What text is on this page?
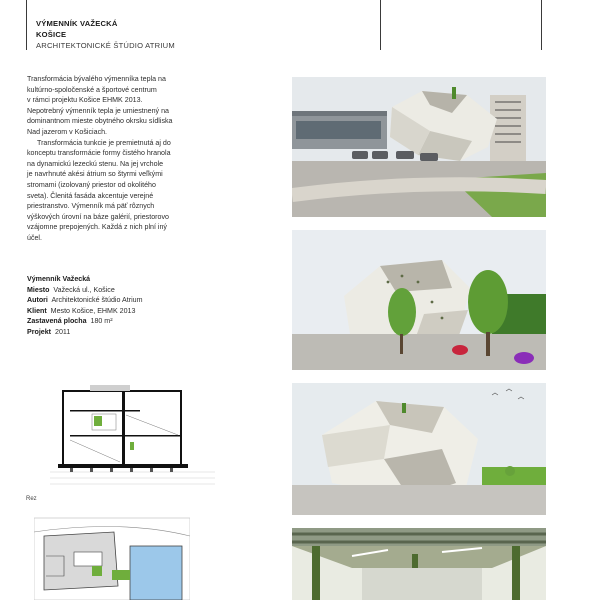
VÝMENNÍK VAŽECKÁ
KOŠICE
ARCHITEKTONICKÉ ŠTÚDIO ATRIUM

Transformácia bývalého výmenníka tepla na
kultúrno-spoločenské a športové centrum
v rámci projektu Košice EHMK 2013.
Nepotrebný výmenník tepla je umiestnený na
dominantnom mieste obytného okrsku sídliska
Nad jazerom v Košiciach.

Transformácia tunkcie je premietnutá aj do
konceptu transformácie formy čistého hranola
na dynamickú lezeckú stenu. Na jej vrchole
je navrhnuté akési átrium so štyrmi veľkými
stromami (izolovaný priestor od okolitého
sveta). Členitá fasáda akcentuje verejné
priestranstvo. Výmenník má päť rôznych
výškových úrovní na báze galérií, priestorovo
vzájomne prepojených. Každá z nich plní iný
účel.

Výmenník Važecká
Miesto Važecká ul., Košice
Autori Architektonické štúdio Atrium
Klient Mesto Košice, EHMK 2013
Zastavená plocha 180 m²
Projekt 2011
Rez
